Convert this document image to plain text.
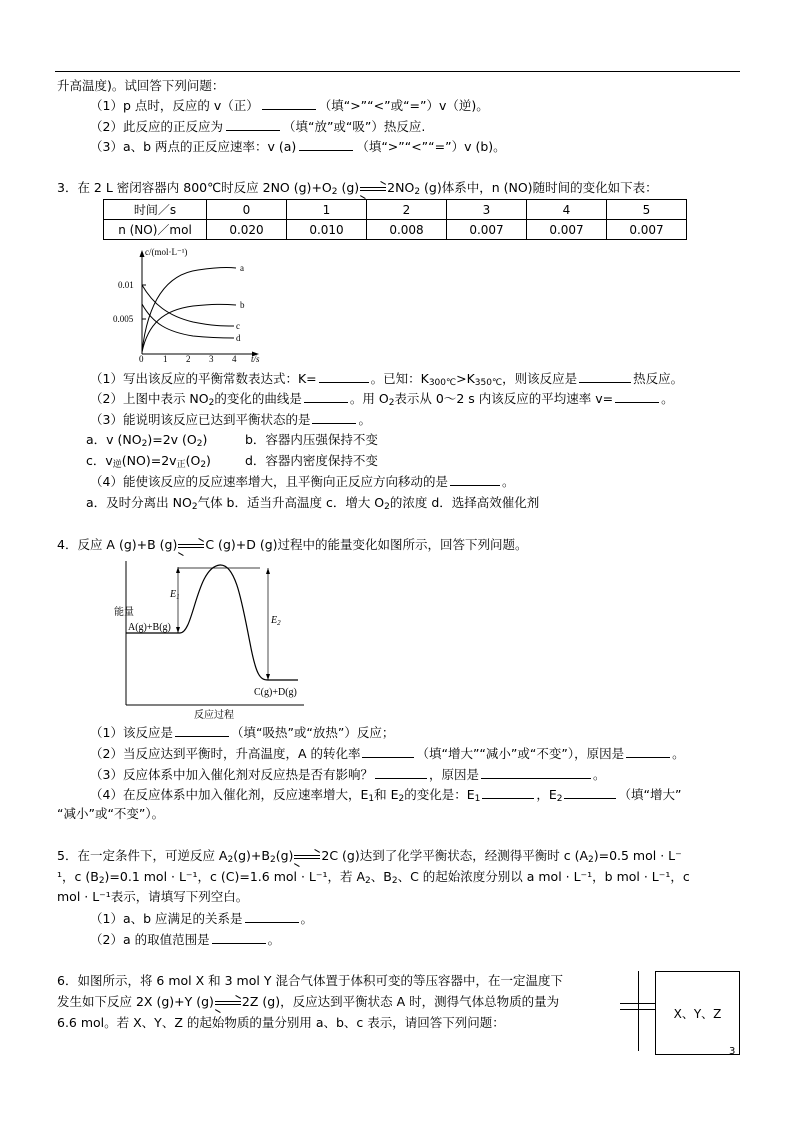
升高温度)。试回答下列问题：
（1）p 点时，反应的 v（正）	（填“>”“<”或“=”）v（逆)。
（2）此反应的正反应为	（填“放”或“吸”）热反应.
（3）a、b 两点的正反应速率：v (a)	（填“>”“<”“=”）v (b)。
3．在 2 L 密闭容器内 800℃时反应 2NO $(g)+O_2$ $(g)\to 2NO_2$ (g)体系中，n (NO)随时间的变化如下表：
时间／s	0	1	2	3	4	5
n (NO)／mol	0.020	0.010	0.008	0.007	0.007	0.007
c/(mol·L⁻¹)
0.01
0.005
0 1 2 3 4 t/s
a
b
c
d
（1）写出该反应的平衡常数表达式：K=	。已知：$K_{300℃}>K_{350℃}$，则该反应是	热反应。
（2）上图中表示 $NO_2$的变化的曲线是	。用 $O_2$表示从 0～2 s 内该反应的平均速率 v=	。
（3）能说明该反应已达到平衡状态的是	。
a．v $(NO_2)=2v$ $(O_2)$	b．容器内压强保持不变
c．$v_逆(NO)=2v_正(O_2)$	d．容器内密度保持不变
（4）能使该反应的反应速率增大，且平衡向正反应方向移动的是	。
a．及时分离出 $NO_2$气体 b．适当升高温度 c．增大 $O_2$的浓度 d．选择高效催化剂
4．反应 A (g)+B (g)→C (g)+D (g)过程中的能量变化如图所示，回答下列问题。
能量
$E_1$
$E_2$
A(g)+B(g)
C(g)+D(g)
反应过程
（1）该反应是	（填“吸热”或“放热”）反应；
（2）当反应达到平衡时，升高温度，A 的转化率	（填“增大”“减小”或“不变”），原因是	。
（3）反应体系中加入催化剂对反应热是否有影响？	，原因是	。
（4）在反应体系中加入催化剂，反应速率增大，$E_1$和 $E_2$的变化是：$E_1$	，$E_2$	（填“增大”
“减小”或“不变”）。
5．在一定条件下，可逆反应 $A_2(g)+B_2(g)\to 2C$ (g)达到了化学平衡状态，经测得平衡时 c $(A_2)=0.5$ mol · L⁻
¹，c $(B_2)=0.1$ mol · L⁻¹，c (C)=1.6 mol · L⁻¹，若 $A_2$、$B_2$、C 的起始浓度分别以 a mol · L⁻¹，b mol · L⁻¹，c
mol · L⁻¹表示，请填写下列空白。
（1）a、b 应满足的关系是	。
（2）a 的取值范围是	。
6．如图所示，将 6 mol X 和 3 mol Y 混合气体置于体积可变的等压容器中，在一定温度下
发生如下反应 2X (g)+Y (g)→2Z (g)，反应达到平衡状态 A 时，测得气体总物质的量为
6.6 mol。若 X、Y、Z 的起始物质的量分别用 a、b、c 表示，请回答下列问题：
X、Y、Z
3
